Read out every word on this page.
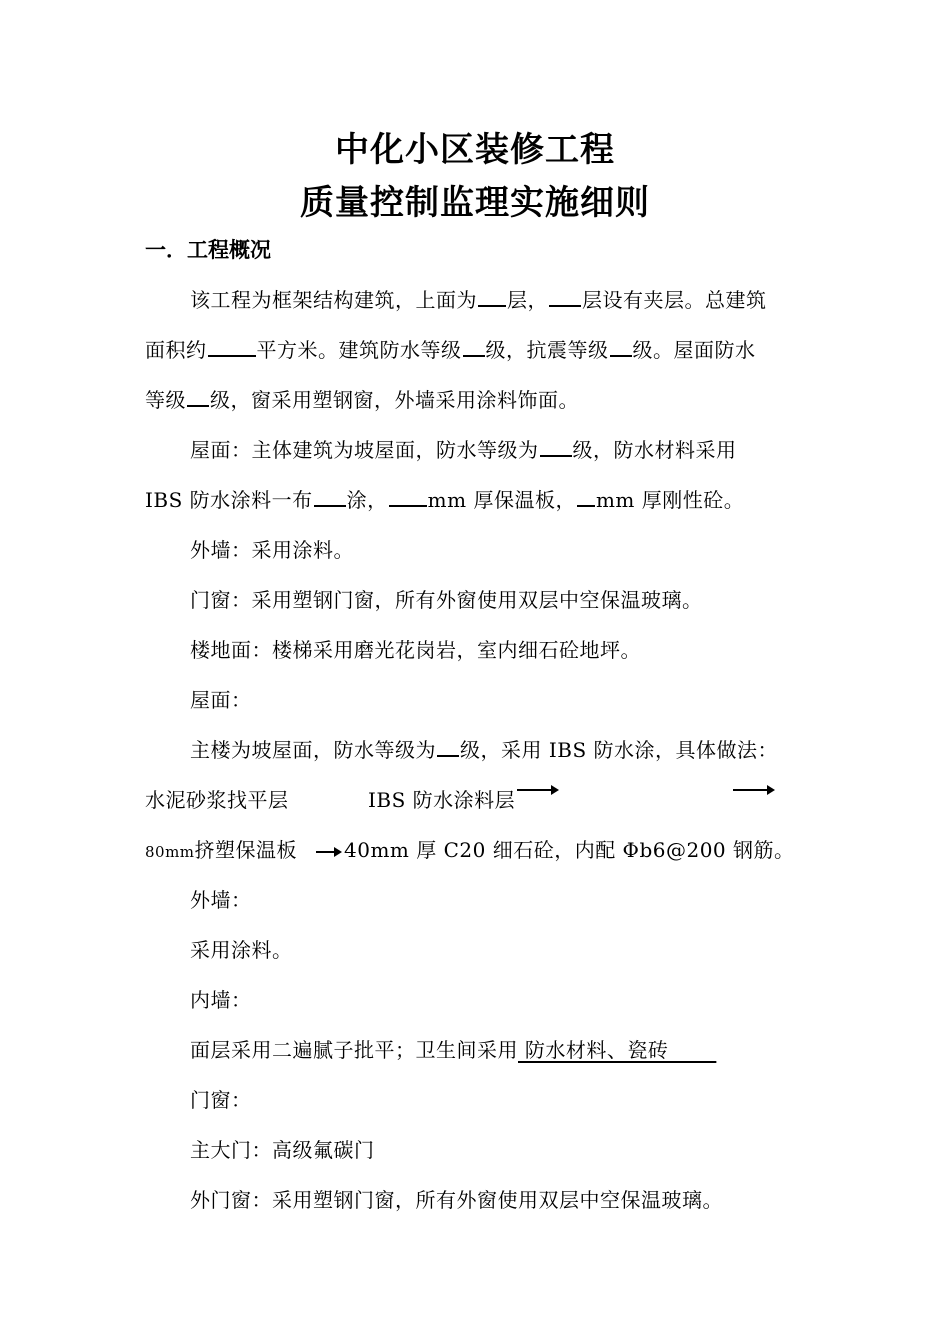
中化小区装修工程
质量控制监理实施细则
一．工程概况
该工程为框架结构建筑，上面为 层， 层设有夹层。总建筑
面积约	平方米。建筑防水等级 级，抗震等级 级。屋面防水
等级 级，窗采用塑钢窗，外墙采用涂料饰面。
屋面：主体建筑为坡屋面，防水等级为 级，防水材料采用
IBS 防水涂料一布 涂， mm 厚保温板， mm 厚刚性砼。
外墙：采用涂料。
门窗：采用塑钢门窗，所有外窗使用双层中空保温玻璃。
楼地面：楼梯采用磨光花岗岩，室内细石砼地坪。
屋面：
主楼为坡屋面，防水等级为 级，采用 IBS 防水涂，具体做法：
水泥砂浆找平层	IBS 防水涂料层
80mm挤塑保温板 40mm 厚 C20 细石砼，内配 Φb6@200 钢筋。
外墙：
采用涂料。
内墙：
面层采用二遍腻子批平；卫生间采用 防水材料、瓷砖
门窗：
主大门：高级氟碳门
外门窗：采用塑钢门窗，所有外窗使用双层中空保温玻璃。
